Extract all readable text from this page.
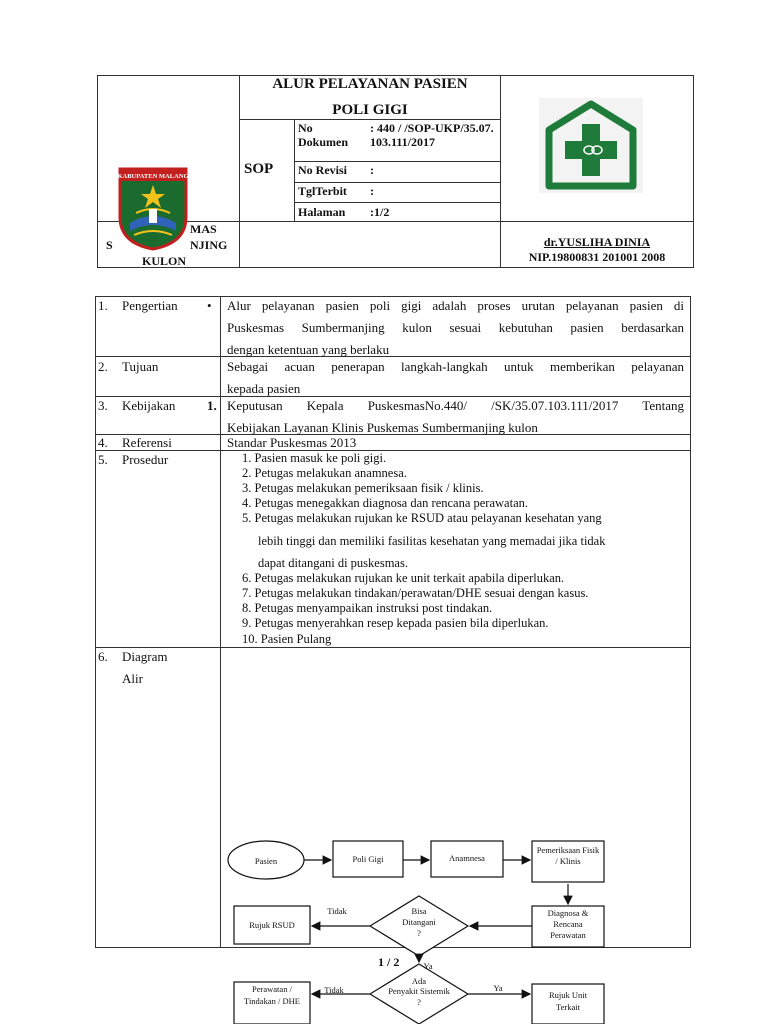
ALUR PELAYANAN PASIEN
POLI GIGI
SOP
No Dokumen
: 440 / /SOP-UKP/35.07.103.111/2017
No Revisi :
TglTerbit :
Halaman :1/2
KABUPATEN MALANG
MAS
S	NJING
KULON
dr.YUSLIHA DINIA
NIP.19800831 201001 2008
1. Pengertian • Alur pelayanan pasien poli gigi adalah proses urutan pelayanan pasien di
Puskesmas Sumbermanjing kulon sesuai kebutuhan pasien berdasarkan
dengan ketentuan yang berlaku
2. Tujuan	Sebagai acuan penerapan langkah-langkah untuk memberikan pelayanan
kepada pasien
3. Kebijakan 1. Keputusan Kepala PuskesmasNo.440/ /SK/35.07.103.111/2017 Tentang
Kebijakan Layanan Klinis Puskemas Sumbermanjing kulon
4. Referensi	Standar Puskesmas 2013
5. Prosedur	1. Pasien masuk ke poli gigi.
2. Petugas melakukan anamnesa.
3. Petugas melakukan pemeriksaan fisik / klinis.
4. Petugas menegakkan diagnosa dan rencana perawatan.
5. Petugas melakukan rujukan ke RSUD atau pelayanan kesehatan yang
lebih tinggi dan memiliki fasilitas kesehatan yang memadai jika tidak
dapat ditangani di puskesmas.
6. Petugas melakukan rujukan ke unit terkait apabila diperlukan.
7. Petugas melakukan tindakan/perawatan/DHE sesuai dengan kasus.
8. Petugas menyampaikan instruksi post tindakan.
9. Petugas menyerahkan resep kepada pasien bila diperlukan.
10. Pasien Pulang
6. Diagram
Alir
1 / 2
Pasien	Poli Gigi	Anamnesa
Pemeriksaan Fisik
/ Klinis
Diagnosa &
Rencana
Perawatan
Bisa
Ditangani
?
Rujuk RSUD
Tidak
Ya
Ada
Penyakit Sistemik
?
Tidak	Ya
Perawatan /
Tindakan / DHE
Rujuk Unit
Terkait
